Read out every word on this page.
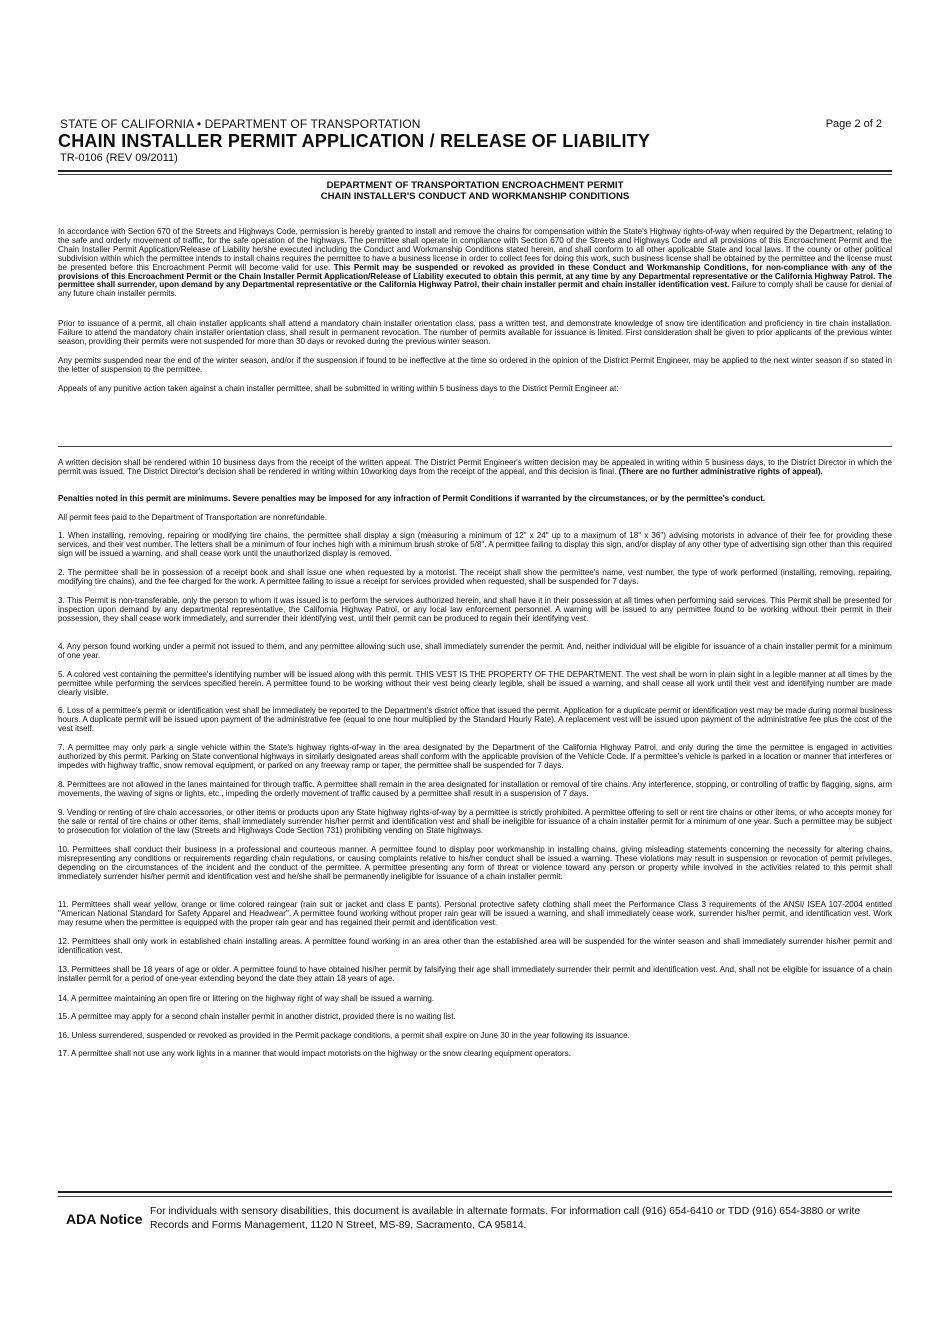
STATE OF CALIFORNIA • DEPARTMENT OF TRANSPORTATION	Page 2 of 2
CHAIN INSTALLER PERMIT APPLICATION / RELEASE OF LIABILITY
TR-0106 (REV 09/2011)
DEPARTMENT OF TRANSPORTATION ENCROACHMENT PERMIT
CHAIN INSTALLER'S CONDUCT AND WORKMANSHIP CONDITIONS

In accordance with Section 670 of the Streets and Highways Code, permission is hereby granted to install and remove the chains for compensation within the State's Highway rights-of-way when required by the Department, relating to the safe and orderly movement of traffic, for the safe operation of the highways. The permittee shall operate in compliance with Section 670 of the Streets and Highways Code and all provisions of this Encroachment Permit and the Chain Installer Permit Application/Release of Liability he/she executed including the Conduct and Workmanship Conditions stated herein, and shall conform to all other applicable State and local laws. If the county or other political subdivision within which the permittee intends to install chains requires the permittee to have a business license in order to collect fees for doing this work, such business license shall be obtained by the permittee and the license must be presented before this Encroachment Permit will become valid for use. This Permit may be suspended or revoked as provided in these Conduct and Workmanship Conditions, for non-compliance with any of the provisions of this Encroachment Permit or the Chain Installer Permit Application/Release of Liability executed to obtain this permit, at any time by any Departmental representative or the California Highway Patrol. The permittee shall surrender, upon demand by any Departmental representative or the California Highway Patrol, their chain installer permit and chain installer identification vest. Failure to comply shall be cause for denial of any future chain installer permits.

Prior to issuance of a permit, all chain installer applicants shall attend a mandatory chain installer orientation class, pass a written test, and demonstrate knowledge of snow tire identification and proficiency in tire chain installation. Failure to attend the mandatory chain installer orientation class, shall result in permanent revocation. The number of permits available for issuance is limited. First consideration shall be given to prior applicants of the previous winter season, providing their permits were not suspended for more than 30 days or revoked during the previous winter season.

Any permits suspended near the end of the winter season, and/or if the suspension if found to be ineffective at the time so ordered in the opinion of the District Permit Engineer, may be applied to the next winter season if so stated in the letter of suspension to the permittee.

Appeals of any punitive action taken against a chain installer permittee, shall be submitted in writing within 5 business days to the District Permit Engineer at:

A written decision shall be rendered within 10 business days from the receipt of the written appeal. The District Permit Engineer's written decision may be appealed in writing within 5 business days, to the District Director in which the permit was issued. The District Director's decision shall be rendered in writing within 10working days from the receipt of the appeal, and this decision is final. (There are no further administrative rights of appeal).

Penalties noted in this permit are minimums. Severe penalties may be imposed for any infraction of Permit Conditions if warranted by the circumstances, or by the permittee's conduct.

All permit fees paid to the Department of Transportation are nonrefundable.

1. When installing, removing, repairing or modifying tire chains, the permittee shall display a sign (measuring a minimum of 12" x 24" up to a maximum of 18" x 36") advising motorists in advance of their fee for providing these services, and their vest number. The letters shall be a minimum of four inches high with a minimum brush stroke of 5/8". A permittee failing to display this sign, and/or display of any other type of advertising sign other than this required sign will be issued a warning, and shall cease work until the unauthorized display is removed.

2. The permittee shall be in possession of a receipt book and shall issue one when requested by a motorist. The receipt shall show the permittee's name, vest number, the type of work performed (installing, removing, repairing, modifying tire chains), and the fee charged for the work. A permittee failing to issue a receipt for services provided when requested, shall be suspended for 7 days.

3. This Permit is non-transferable, only the person to whom it was issued is to perform the services authorized herein, and shall have it in their possession at all times when performing said services. This Permit shall be presented for inspection upon demand by any departmental representative, the California Highway Patrol, or any local law enforcement personnel. A warning will be issued to any permittee found to be working without their permit in their possession, they shall cease work immediately, and surrender their identifying vest, until their permit can be produced to regain their identifying vest.

4. Any person found working under a permit not issued to them, and any permittee allowing such use, shall immediately surrender the permit. And, neither individual will be eligible for issuance of a chain installer permit for a minimum of one year.

5. A colored vest containing the permittee's identifying number will be issued along with this permit. THIS VEST IS THE PROPERTY OF THE DEPARTMENT. The vest shall be worn in plain sight in a legible manner at all times by the permittee while performing the services specified herein. A permittee found to be working without their vest being clearly legible, shall be issued a warning, and shall cease all work until their vest and identifying number are made clearly visible.

6. Loss of a permittee's permit or identification vest shall be immediately be reported to the Department's district office that issued the permit. Application for a duplicate permit or identification vest may be made during normal business hours. A duplicate permit will be issued upon payment of the administrative fee (equal to one hour multiplied by the Standard Hourly Rate). A replacement vest will be issued upon payment of the administrative fee plus the cost of the vest itself.

7. A permittee may only park a single vehicle within the State's highway rights-of-way in the area designated by the Department of the California Highway Patrol, and only during the time the permittee is engaged in activities authorized by this permit. Parking on State conventional highways in similarly designated areas shall conform with the applicable provision of the Vehicle Code. If a permittee's vehicle is parked in a location or manner that interferes or impedes with highway traffic, snow removal equipment, or parked on any freeway ramp or taper, the permittee shall be suspended for 7 days.

8. Permittees are not allowed in the lanes maintained for through traffic. A permittee shall remain in the area designated for installation or removal of tire chains. Any interference, stopping, or controlling of traffic by flagging, signs, arm movements, the waving of signs or lights, etc., impeding the orderly movement of traffic caused by a permittee shall result in a suspension of 7 days.

9. Vending or renting of tire chain accessories, or other items or products upon any State highway rights-of-way by a permittee is strictly prohibited. A permittee offering to sell or rent tire chains or other items, or who accepts money for the sale or rental of tire chains or other items, shall immediately surrender his/her permit and identification vest and shall be ineligible for issuance of a chain installer permit for a minimum of one year. Such a permittee may be subject to prosecution for violation of the law (Streets and Highways Code Section 731) prohibiting vending on State highways.

10. Permittees shall conduct their business in a professional and courteous manner. A permittee found to display poor workmanship in installing chains, giving misleading statements concerning the necessity for altering chains, misrepresenting any conditions or requirements regarding chain regulations, or causing complaints relative to his/her conduct shall be issued a warning. These violations may result in suspension or revocation of permit privileges, depending on the circumstances of the incident and the conduct of the permittee. A permittee presenting any form of threat or violence toward any person or property while involved in the activities related to this permit shall immediately surrender his/her permit and identification vest and he/she shall be permanently ineligible for issuance of a chain installer permit.

11. Permittees shall wear yellow, orange or lime colored raingear (rain suit or jacket and class E pants). Personal protective safety clothing shall meet the Performance Class 3 requirements of the ANSI/ ISEA 107-2004 entitled "American National Standard for Safety Apparel and Headwear". A permittee found working without proper rain gear will be issued a warning, and shall immediately cease work, surrender his/her permit, and identification vest. Work may resume when the permittee is equipped with the proper rain gear and has regained their permit and identification vest.

12. Permittees shall only work in established chain installing areas. A permittee found working in an area other than the established area will be suspended for the winter season and shall immediately surrender his/her permit and identification vest.

13. Permittees shall be 18 years of age or older. A permittee found to have obtained his/her permit by falsifying their age shall immediately surrender their permit and identification vest. And, shall not be eligible for issuance of a chain installer permit for a period of one-year extending beyond the date they attain 18 years of age.

14. A permittee maintaining an open fire or littering on the highway right of way shall be issued a warning.

15. A permittee may apply for a second chain installer permit in another district, provided there is no waiting list.

16. Unless surrendered, suspended or revoked as provided in the Permit package conditions, a permit shall expire on June 30 in the year following its issuance.

17. A permittee shall not use any work lights in a manner that would impact motorists on the highway or the snow clearing equipment operators.

ADA Notice For individuals with sensory disabilities, this document is available in alternate formats. For information call (916) 654-6410 or TDD (916) 654-3880 or write Records and Forms Management, 1120 N Street, MS-89, Sacramento, CA 95814.
